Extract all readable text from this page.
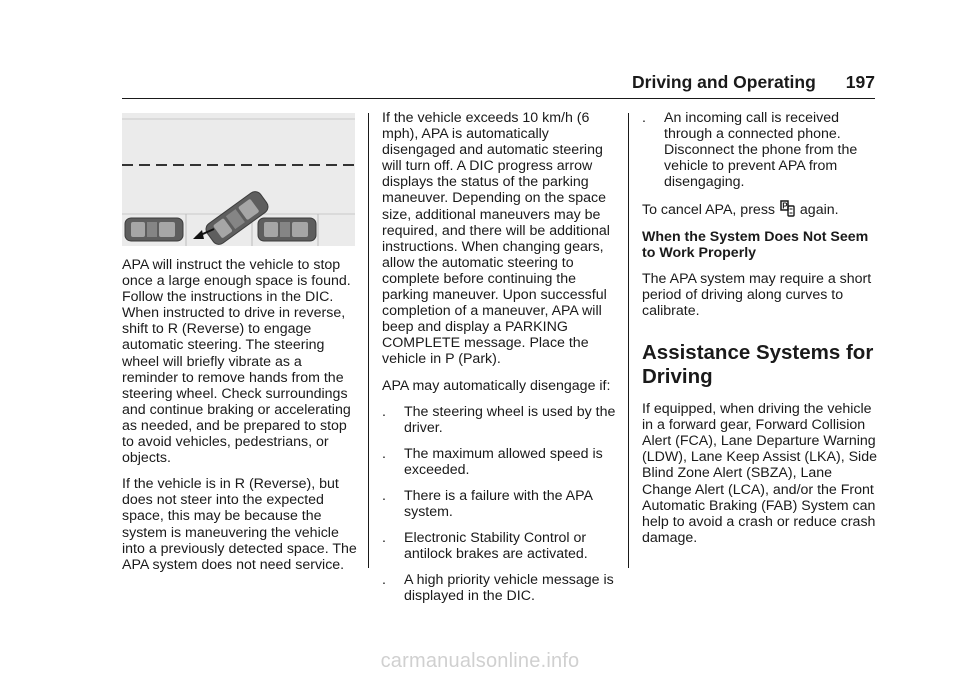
Driving and Operating 197

APA will instruct the vehicle to stop once a large enough space is found. Follow the instructions in the DIC. When instructed to drive in reverse, shift to R (Reverse) to engage automatic steering. The steering wheel will briefly vibrate as a reminder to remove hands from the steering wheel. Check surroundings and continue braking or accelerating as needed, and be prepared to stop to avoid vehicles, pedestrians, or objects.

If the vehicle is in R (Reverse), but does not steer into the expected space, this may be because the system is maneuvering the vehicle into a previously detected space. The APA system does not need service.

If the vehicle exceeds 10 km/h (6 mph), APA is automatically disengaged and automatic steering will turn off. A DIC progress arrow displays the status of the parking maneuver. Depending on the space size, additional maneuvers may be required, and there will be additional instructions. When changing gears, allow the automatic steering to complete before continuing the parking maneuver. Upon successful completion of a maneuver, APA will beep and display a PARKING COMPLETE message. Place the vehicle in P (Park).

APA may automatically disengage if:

.	The steering wheel is used by the driver.
.	The maximum allowed speed is exceeded.
.	There is a failure with the APA system.
.	Electronic Stability Control or antilock brakes are activated.
.	A high priority vehicle message is displayed in the DIC.
.	An incoming call is received through a connected phone. Disconnect the phone from the vehicle to prevent APA from disengaging.

To cancel APA, press P again.

When the System Does Not Seem to Work Properly

The APA system may require a short period of driving along curves to calibrate.

Assistance Systems for Driving

If equipped, when driving the vehicle in a forward gear, Forward Collision Alert (FCA), Lane Departure Warning (LDW), Lane Keep Assist (LKA), Side Blind Zone Alert (SBZA), Lane Change Alert (LCA), and/or the Front Automatic Braking (FAB) System can help to avoid a crash or reduce crash damage.

carmanualsonline.info
